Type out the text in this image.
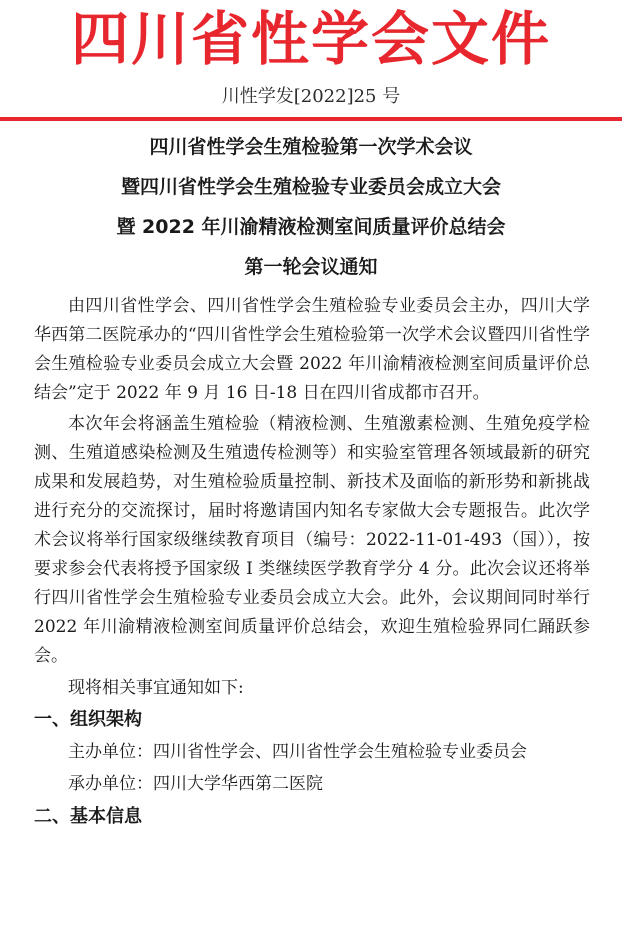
四川省性学会文件
川性学发[2022]25 号
四川省性学会生殖检验第一次学术会议
暨四川省性学会生殖检验专业委员会成立大会
暨 2022 年川渝精液检测室间质量评价总结会
第一轮会议通知

由四川省性学会、四川省性学会生殖检验专业委员会主办，四川大学华西第二医院承办的“四川省性学会生殖检验第一次学术会议暨四川省性学会生殖检验专业委员会成立大会暨 2022 年川渝精液检测室间质量评价总结会”定于 2022 年 9 月 16 日-18 日在四川省成都市召开。

本次年会将涵盖生殖检验（精液检测、生殖激素检测、生殖免疫学检测、生殖道感染检测及生殖遗传检测等）和实验室管理各领域最新的研究成果和发展趋势，对生殖检验质量控制、新技术及面临的新形势和新挑战进行充分的交流探讨，届时将邀请国内知名专家做大会专题报告。此次学术会议将举行国家级继续教育项目（编号：2022-11-01-493（国）），按要求参会代表将授予国家级 I 类继续医学教育学分 4 分。此次会议还将举行四川省性学会生殖检验专业委员会成立大会。此外，会议期间同时举行 2022 年川渝精液检测室间质量评价总结会，欢迎生殖检验界同仁踊跃参会。

现将相关事宜通知如下:

一、组织架构
主办单位：四川省性学会、四川省性学会生殖检验专业委员会
承办单位：四川大学华西第二医院
二、基本信息
